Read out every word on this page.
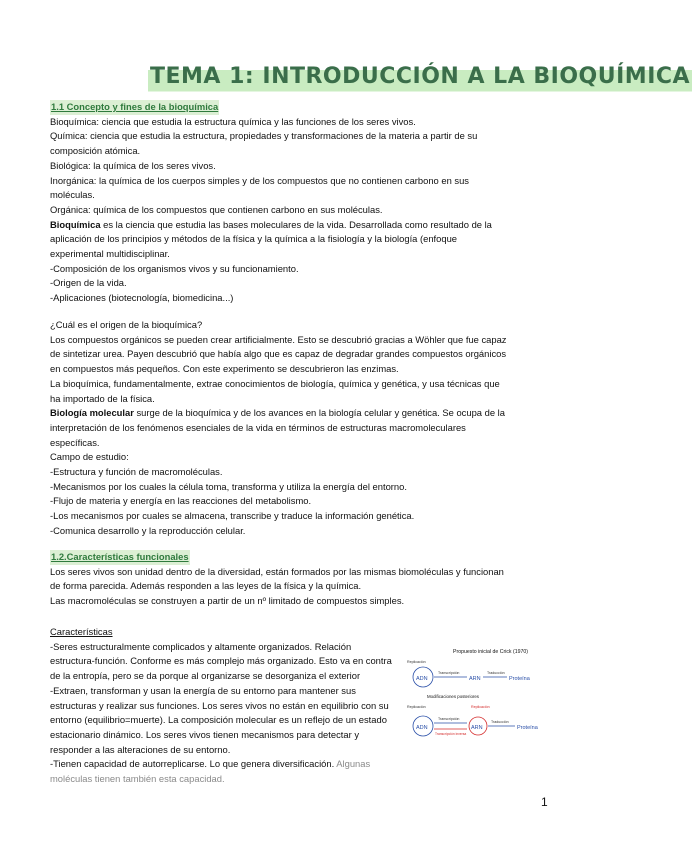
TEMA 1: INTRODUCCIÓN A LA BIOQUÍMICA
1.1 Concepto y fines de la bioquímica
Bioquímica: ciencia que estudia la estructura química y las funciones de los seres vivos.
Química: ciencia que estudia la estructura, propiedades y transformaciones de la materia a partir de su
composición atómica.
Biológica: la química de los seres vivos.
Inorgánica: la química de los cuerpos simples y de los compuestos que no contienen carbono en sus
moléculas.
Orgánica: química de los compuestos que contienen carbono en sus moléculas.
Bioquímica es la ciencia que estudia las bases moleculares de la vida. Desarrollada como resultado de la
aplicación de los principios y métodos de la física y la química a la fisiología y la biología (enfoque
experimental multidisciplinar.
-Composición de los organismos vivos y su funcionamiento.
-Origen de la vida.
-Aplicaciones (biotecnología, biomedicina...)
¿Cuál es el origen de la bioquímica?
Los compuestos orgánicos se pueden crear artificialmente. Esto se descubrió gracias a Wöhler que fue capaz
de sintetizar urea. Payen descubrió que había algo que es capaz de degradar grandes compuestos orgánicos
en compuestos más pequeños. Con este experimento se descubrieron las enzimas.
La bioquímica, fundamentalmente, extrae conocimientos de biología, química y genética, y usa técnicas que
ha importado de la física.
Biología molecular surge de la bioquímica y de los avances en la biología celular y genética. Se ocupa de la
interpretación de los fenómenos esenciales de la vida en términos de estructuras macromoleculares
específicas.
Campo de estudio:
-Estructura y función de macromoléculas.
-Mecanismos por los cuales la célula toma, transforma y utiliza la energía del entorno.
-Flujo de materia y energía en las reacciones del metabolismo.
-Los mecanismos por cuales se almacena, transcribe y traduce la información genética.
-Comunica desarrollo y la reproducción celular.
1.2.Características funcionales
Los seres vivos son unidad dentro de la diversidad, están formados por las mismas biomoléculas y funcionan
de forma parecida. Además responden a las leyes de la física y la química.
Las macromoléculas se construyen a partir de un nº limitado de compuestos simples.
Características
-Seres estructuralmente complicados y altamente organizados. Relación
estructura-función. Conforme es más complejo más organizado. Esto va en contra
de la entropía, pero se da porque al organizarse se desorganiza el exterior
-Extraen, transforman y usan la energía de su entorno para mantener sus
estructuras y realizar sus funciones. Los seres vivos no están en equilibrio con su
entorno (equilibrio=muerte). La composición molecular es un reflejo de un estado
estacionario dinámico. Los seres vivos tienen mecanismos para detectar y
responder a las alteraciones de su entorno.
-Tienen capacidad de autorreplicarse. Lo que genera diversificación. Algunas
moléculas tienen también esta capacidad.
Propuesto inicial de Crick (1970)
Replicación
ADN
Transcripción
ARN
Traducción
Proteína
Modificaciones posteriores
Replicación
ADN
Transcripción
Transcripción inversa
Replicación
ARN
Traducción
Proteína
1
